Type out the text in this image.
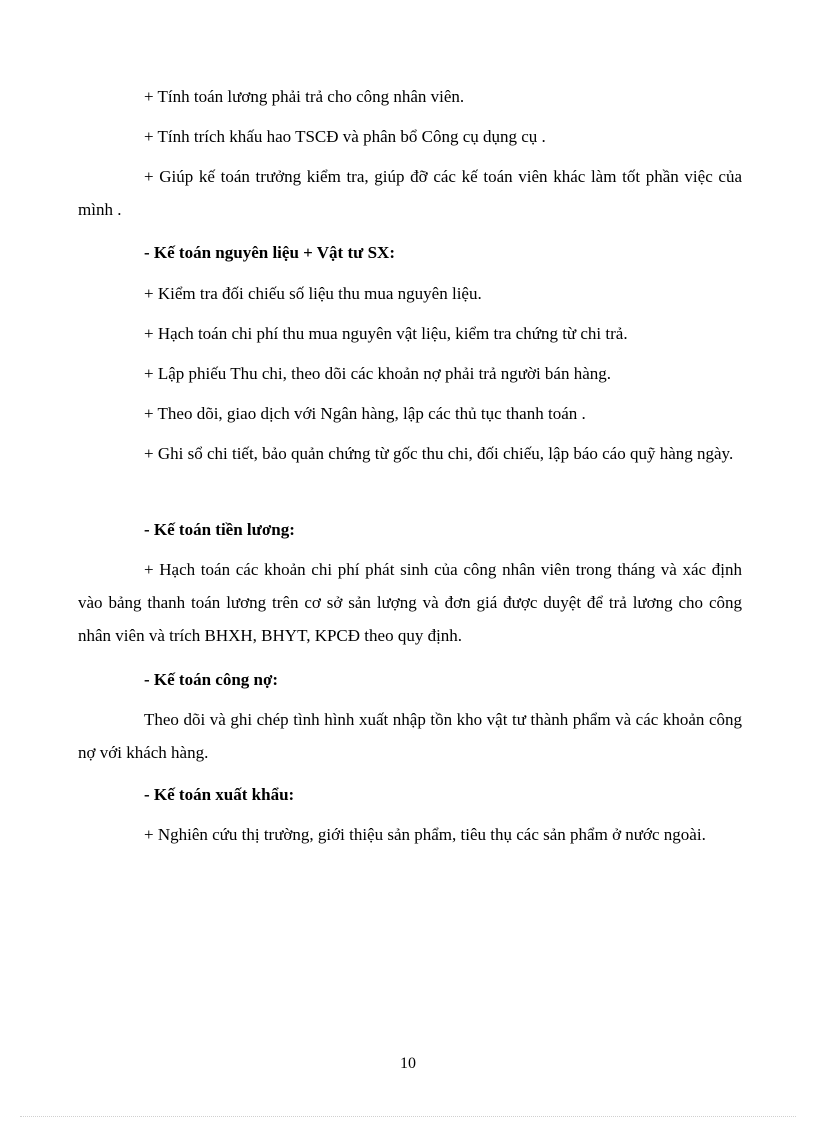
+ Tính toán lương phải trả cho công nhân viên.
+ Tính trích khấu hao TSCĐ và phân bổ Công cụ dụng cụ .
+ Giúp kế toán trưởng kiểm tra, giúp đỡ các kế toán viên khác làm tốt phần việc của mình .
- Kế toán nguyên liệu + Vật tư SX:
+ Kiểm tra đối chiếu số liệu thu mua nguyên liệu.
+ Hạch toán chi phí thu mua nguyên vật liệu, kiểm tra chứng từ chi trả.
+ Lập phiếu Thu chi, theo dõi các khoản nợ phải trả người bán hàng.
+ Theo dõi, giao dịch với Ngân hàng, lập các thủ tục thanh toán .
+ Ghi sổ chi tiết, bảo quản chứng từ gốc thu chi, đối chiếu, lập báo cáo quỹ hàng ngày.
- Kế toán tiền lương:
+ Hạch toán các khoản chi phí phát sinh của công nhân viên trong tháng và xác định vào bảng thanh toán lương trên cơ sở sản lượng và đơn giá được duyệt để trả lương cho công nhân viên và trích BHXH, BHYT, KPCĐ theo quy định.
- Kế toán công nợ:
Theo dõi và ghi chép tình hình xuất nhập tồn kho vật tư thành phẩm và các khoản công nợ với khách hàng.
- Kế toán xuất khẩu:
+ Nghiên cứu thị trường, giới thiệu sản phẩm, tiêu thụ các sản phẩm ở nước ngoài.
10
